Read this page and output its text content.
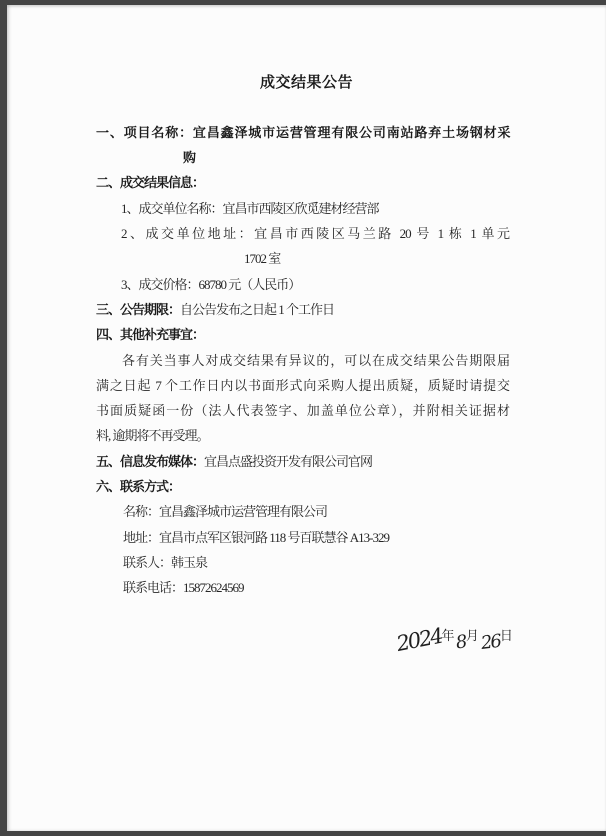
成交结果公告
一、项目名称：宜昌鑫泽城市运营管理有限公司南站路弃土场钢材采
购
二、成交结果信息：
1、成交单位名称：宜昌市西陵区欣觅建材经营部
2、成交单位地址：宜昌市西陵区马兰路 20 号 1 栋 1 单元
1702 室
3、成交价格：68780 元（人民币）
三、公告期限：自公告发布之日起 1 个工作日
四、其他补充事宜：
各有关当事人对成交结果有异议的，可以在成交结果公告期限届
满之日起 7 个工作日内以书面形式向采购人提出质疑，质疑时请提交
书面质疑函一份（法人代表签字、加盖单位公章），并附相关证据材
料, 逾期将不再受理。
五、信息发布媒体：宜昌点盛投资开发有限公司官网
六、联系方式：
名称：宜昌鑫泽城市运营管理有限公司
地址：宜昌市点军区银河路 118 号百联慧谷 A13-329
联系人：韩玉泉
联系电话：15872624569
2024年8月26日
